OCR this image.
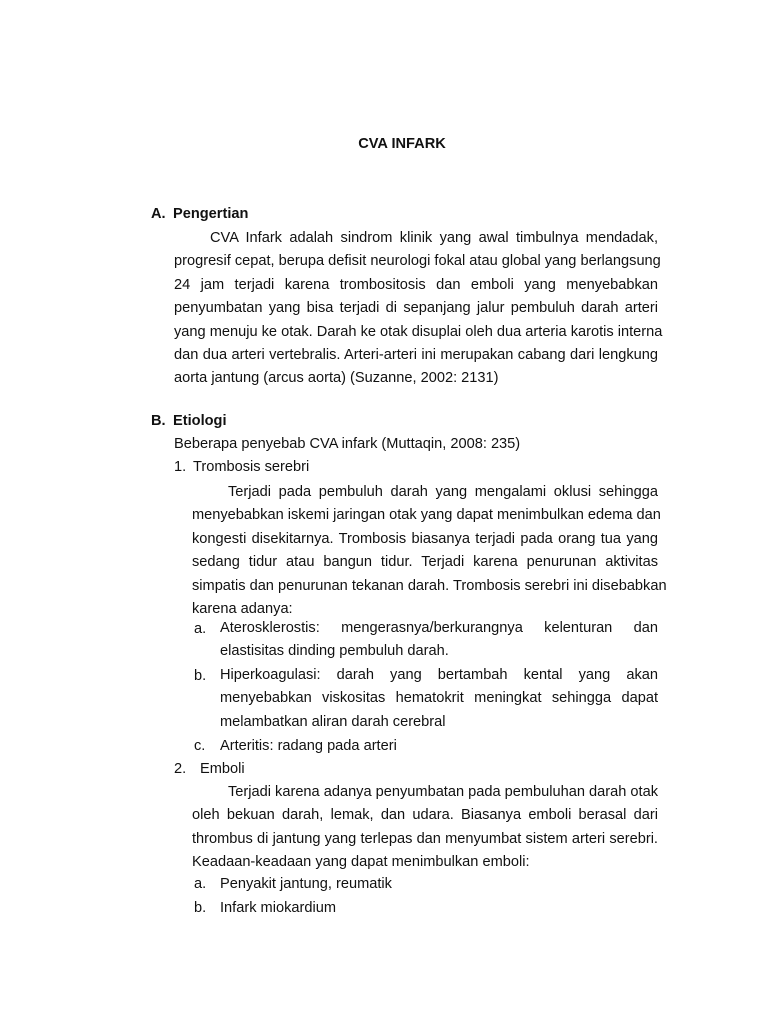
CVA INFARK
A. Pengertian
CVA Infark adalah sindrom klinik yang awal timbulnya mendadak,
progresif cepat, berupa defisit neurologi fokal atau global yang berlangsung
24 jam terjadi karena trombositosis dan emboli yang menyebabkan
penyumbatan yang bisa terjadi di sepanjang jalur pembuluh darah arteri
yang menuju ke otak. Darah ke otak disuplai oleh dua arteria karotis interna
dan dua arteri vertebralis. Arteri-arteri ini merupakan cabang dari lengkung
aorta jantung (arcus aorta) (Suzanne, 2002: 2131)
B. Etiologi
Beberapa penyebab CVA infark (Muttaqin, 2008: 235)
1. Trombosis serebri
Terjadi pada pembuluh darah yang mengalami oklusi sehingga
menyebabkan iskemi jaringan otak yang dapat menimbulkan edema dan
kongesti disekitarnya. Trombosis biasanya terjadi pada orang tua yang
sedang tidur atau bangun tidur. Terjadi karena penurunan aktivitas
simpatis dan penurunan tekanan darah. Trombosis serebri ini disebabkan
karena adanya:
a. Aterosklerostis: mengerasnya/berkurangnya kelenturan dan
elastisitas dinding pembuluh darah.
b. Hiperkoagulasi: darah yang bertambah kental yang akan
menyebabkan viskositas hematokrit meningkat sehingga dapat
melambatkan aliran darah cerebral
c. Arteritis: radang pada arteri
2. Emboli
Terjadi karena adanya penyumbatan pada pembuluhan darah otak
oleh bekuan darah, lemak, dan udara. Biasanya emboli berasal dari
thrombus di jantung yang terlepas dan menyumbat sistem arteri serebri.
Keadaan-keadaan yang dapat menimbulkan emboli:
a. Penyakit jantung, reumatik
b. Infark miokardium
